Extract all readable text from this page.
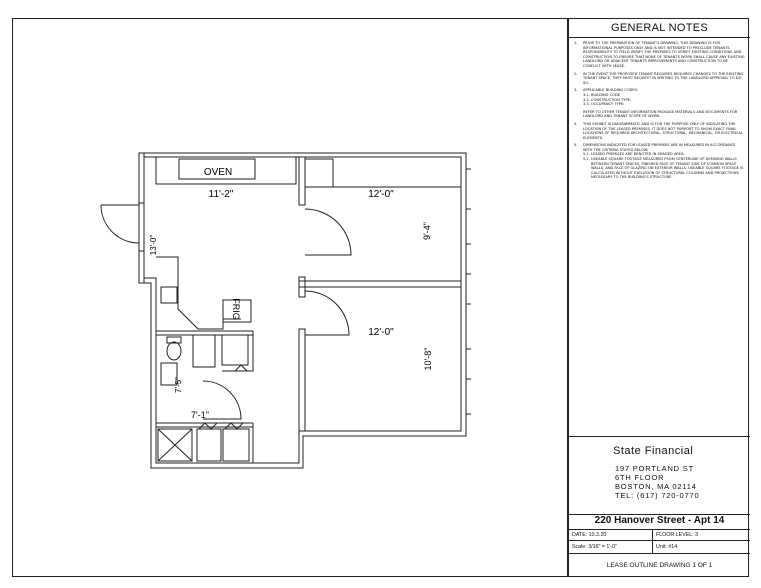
OVEN
11'-2"
13'-0"
FRIG
12'-0"
9'-4"
12'-0"
10'-8"
7'-5"
7'-1"
GENERAL NOTES
1.	PRIOR TO THE PREPARATION OF TENANT'S DRAWING, THIS DRAWING IS FOR INFORMATIONAL PURPOSES ONLY AND IS NOT INTENDED TO PRECLUDE TENANTS RESPONSIBILITY TO FIELD VERIFY THE PREMISES TO VERIFY EXISTING CONDITIONS AND CONSTRUCTION TO ENSURE THAT NONE OF TENANTS WORK SHALL CAUSE ANY EXISTING LANDLORD OR ADJACENT TENANTS IMPROVEMENTS AND CONSTRUCTION TO BE CONFLICT WITH LEASE.
2.	IN THE EVENT THE PROPOSED TENANT REQUIRES REQUIRES CHANGES TO THE EXISTING TENANT SPACE, THEY MUST REQUEST IN WRITING TO THE LANDLORD APPROVAL TO DO SO.
3.	APPLICABLE BUILDING CODES:
3.1. BUILDING CODE
3.2. CONSTRUCTION TYPE:
3.3. OCCUPANCY TYPE:
REFER TO OTHER TENANT INFORMATION PACKAGE MATERIALS AND DOCUMENTS FOR LANDLORD AND TENANT SCOPE OF WORK.
4.	THIS EXHIBIT IS DIAGRAMMATIC AND IS FOR THE PURPOSE ONLY OF INDICATING THE LOCATION OF THE LEASED PREMISES. IT DOES NOT PURPORT TO SHOW EXACT FINAL LOCATIONS OF REQUIRED ARCHITECTURAL, STRUCTURAL, MECHANICAL, OR ELECTRICAL ELEMENTS.
5.	DIMENSIONS INDICATED FOR LEASED PREMISES ARE IN MEASURED IN ACCORDANCE WITH THE CRITERIA STATED BELOW:
5.1. LEASED PREMISES ARE DENOTED IN SHADED AREA.
5.2. USEABLE SQUARE FOOTAGE MEASURED FROM CENTERLINE OF DEMISING WALLS BETWEEN TENANT SPACES, FINISHED FACE OF TENANT SIDE OF COMMON SPACE WALLS, AND FACE OF GLAZING ON EXTERIOR WALLS. USEABLE SQUARE FOOTAGE IS CALCULATED WITHOUT EXCLUSION OF STRUCTURAL COLUMNS AND PROJECTIONS NECESSARY TO THE BUILDING'S STRUCTURE.
State Financial
197 PORTLAND ST
6TH FLOOR
BOSTON, MA 02114
TEL: (617) 720-0770
220 Hanover Street - Apt 14
DATE: 10.3.20	FLOOR LEVEL: 3
Scale: 3/16" = 1'-0"	Unit: #14
LEASE OUTLINE DRAWING 1 OF 1
